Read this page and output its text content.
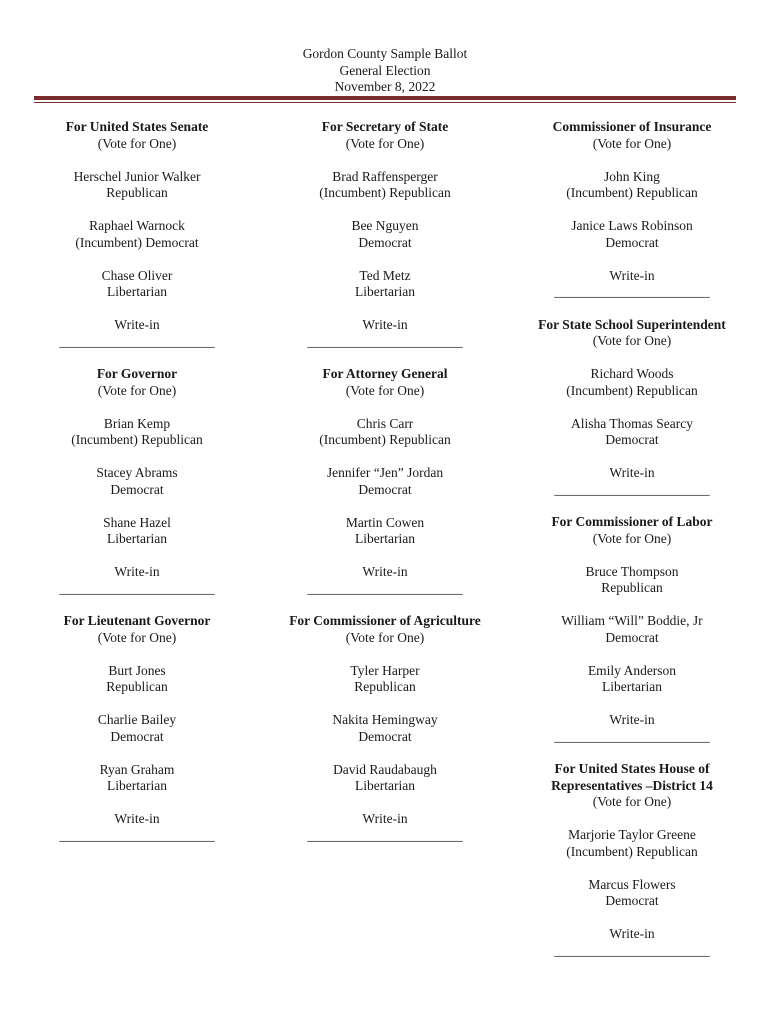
Gordon County Sample Ballot
General Election
November 8, 2022
For United States Senate
(Vote for One)
Herschel Junior Walker
Republican
Raphael Warnock
(Incumbent) Democrat
Chase Oliver
Libertarian
Write-in
_______________________
For Governor
(Vote for One)
Brian Kemp
(Incumbent) Republican
Stacey Abrams
Democrat
Shane Hazel
Libertarian
Write-in
_______________________
For Lieutenant Governor
(Vote for One)
Burt Jones
Republican
Charlie Bailey
Democrat
Ryan Graham
Libertarian
Write-in
_______________________
For Secretary of State
(Vote for One)
Brad Raffensperger
(Incumbent) Republican
Bee Nguyen
Democrat
Ted Metz
Libertarian
Write-in
_______________________
For Attorney General
(Vote for One)
Chris Carr
(Incumbent) Republican
Jennifer “Jen” Jordan
Democrat
Martin Cowen
Libertarian
Write-in
_______________________
For Commissioner of Agriculture
(Vote for One)
Tyler Harper
Republican
Nakita Hemingway
Democrat
David Raudabaugh
Libertarian
Write-in
_______________________
Commissioner of Insurance
(Vote for One)
John King
(Incumbent) Republican
Janice Laws Robinson
Democrat
Write-in
_______________________
For State School Superintendent
(Vote for One)
Richard Woods
(Incumbent) Republican
Alisha Thomas Searcy
Democrat
Write-in
_______________________
For Commissioner of Labor
(Vote for One)
Bruce Thompson
Republican
William “Will” Boddie, Jr
Democrat
Emily Anderson
Libertarian
Write-in
_______________________
For United States House of
Representatives –District 14
(Vote for One)
Marjorie Taylor Greene
(Incumbent) Republican
Marcus Flowers
Democrat
Write-in
_______________________
